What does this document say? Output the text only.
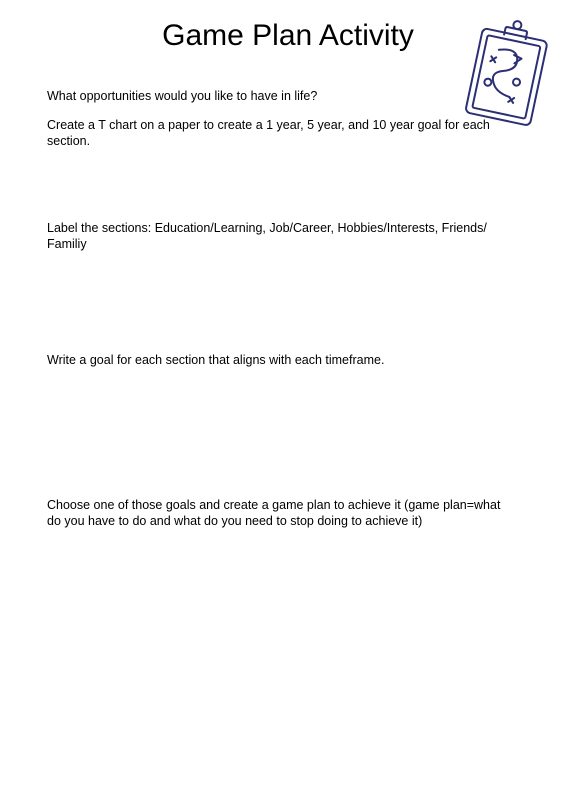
Game Plan Activity

What opportunities would you like to have in life?

Create a T chart on a paper to create a 1 year, 5 year, and 10 year goal for each section.

Label the sections: Education/Learning, Job/Career, Hobbies/Interests, Friends/ Familiy

Write a goal for each section that aligns with each timeframe.

Choose one of those goals and create a game plan to achieve it (game plan=what do you have to do and what do you need to stop doing to achieve it)
